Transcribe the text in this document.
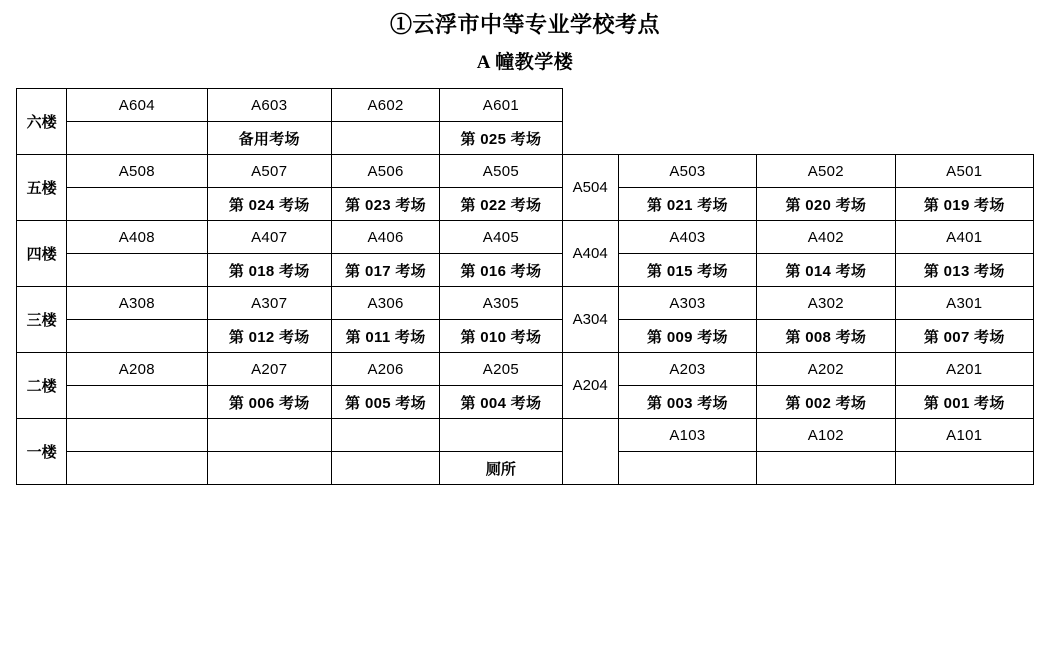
①云浮市中等专业学校考点
A 幢教学楼
六楼	A604	A603	A602	A601				
		备用考场		第 025 考场				
五楼	A508	A507	A506	A505	A504	A503	A502	A501
		第 024 考场	第 023 考场	第 022 考场		第 021 考场	第 020 考场	第 019 考场
四楼	A408	A407	A406	A405	A404	A403	A402	A401
		第 018 考场	第 017 考场	第 016 考场		第 015 考场	第 014 考场	第 013 考场
三楼	A308	A307	A306	A305	A304	A303	A302	A301
		第 012 考场	第 011 考场	第 010 考场		第 009 考场	第 008 考场	第 007 考场
二楼	A208	A207	A206	A205	A204	A203	A202	A201
		第 006 考场	第 005 考场	第 004 考场		第 003 考场	第 002 考场	第 001 考场
一楼						A103	A102	A101
				厕所				
